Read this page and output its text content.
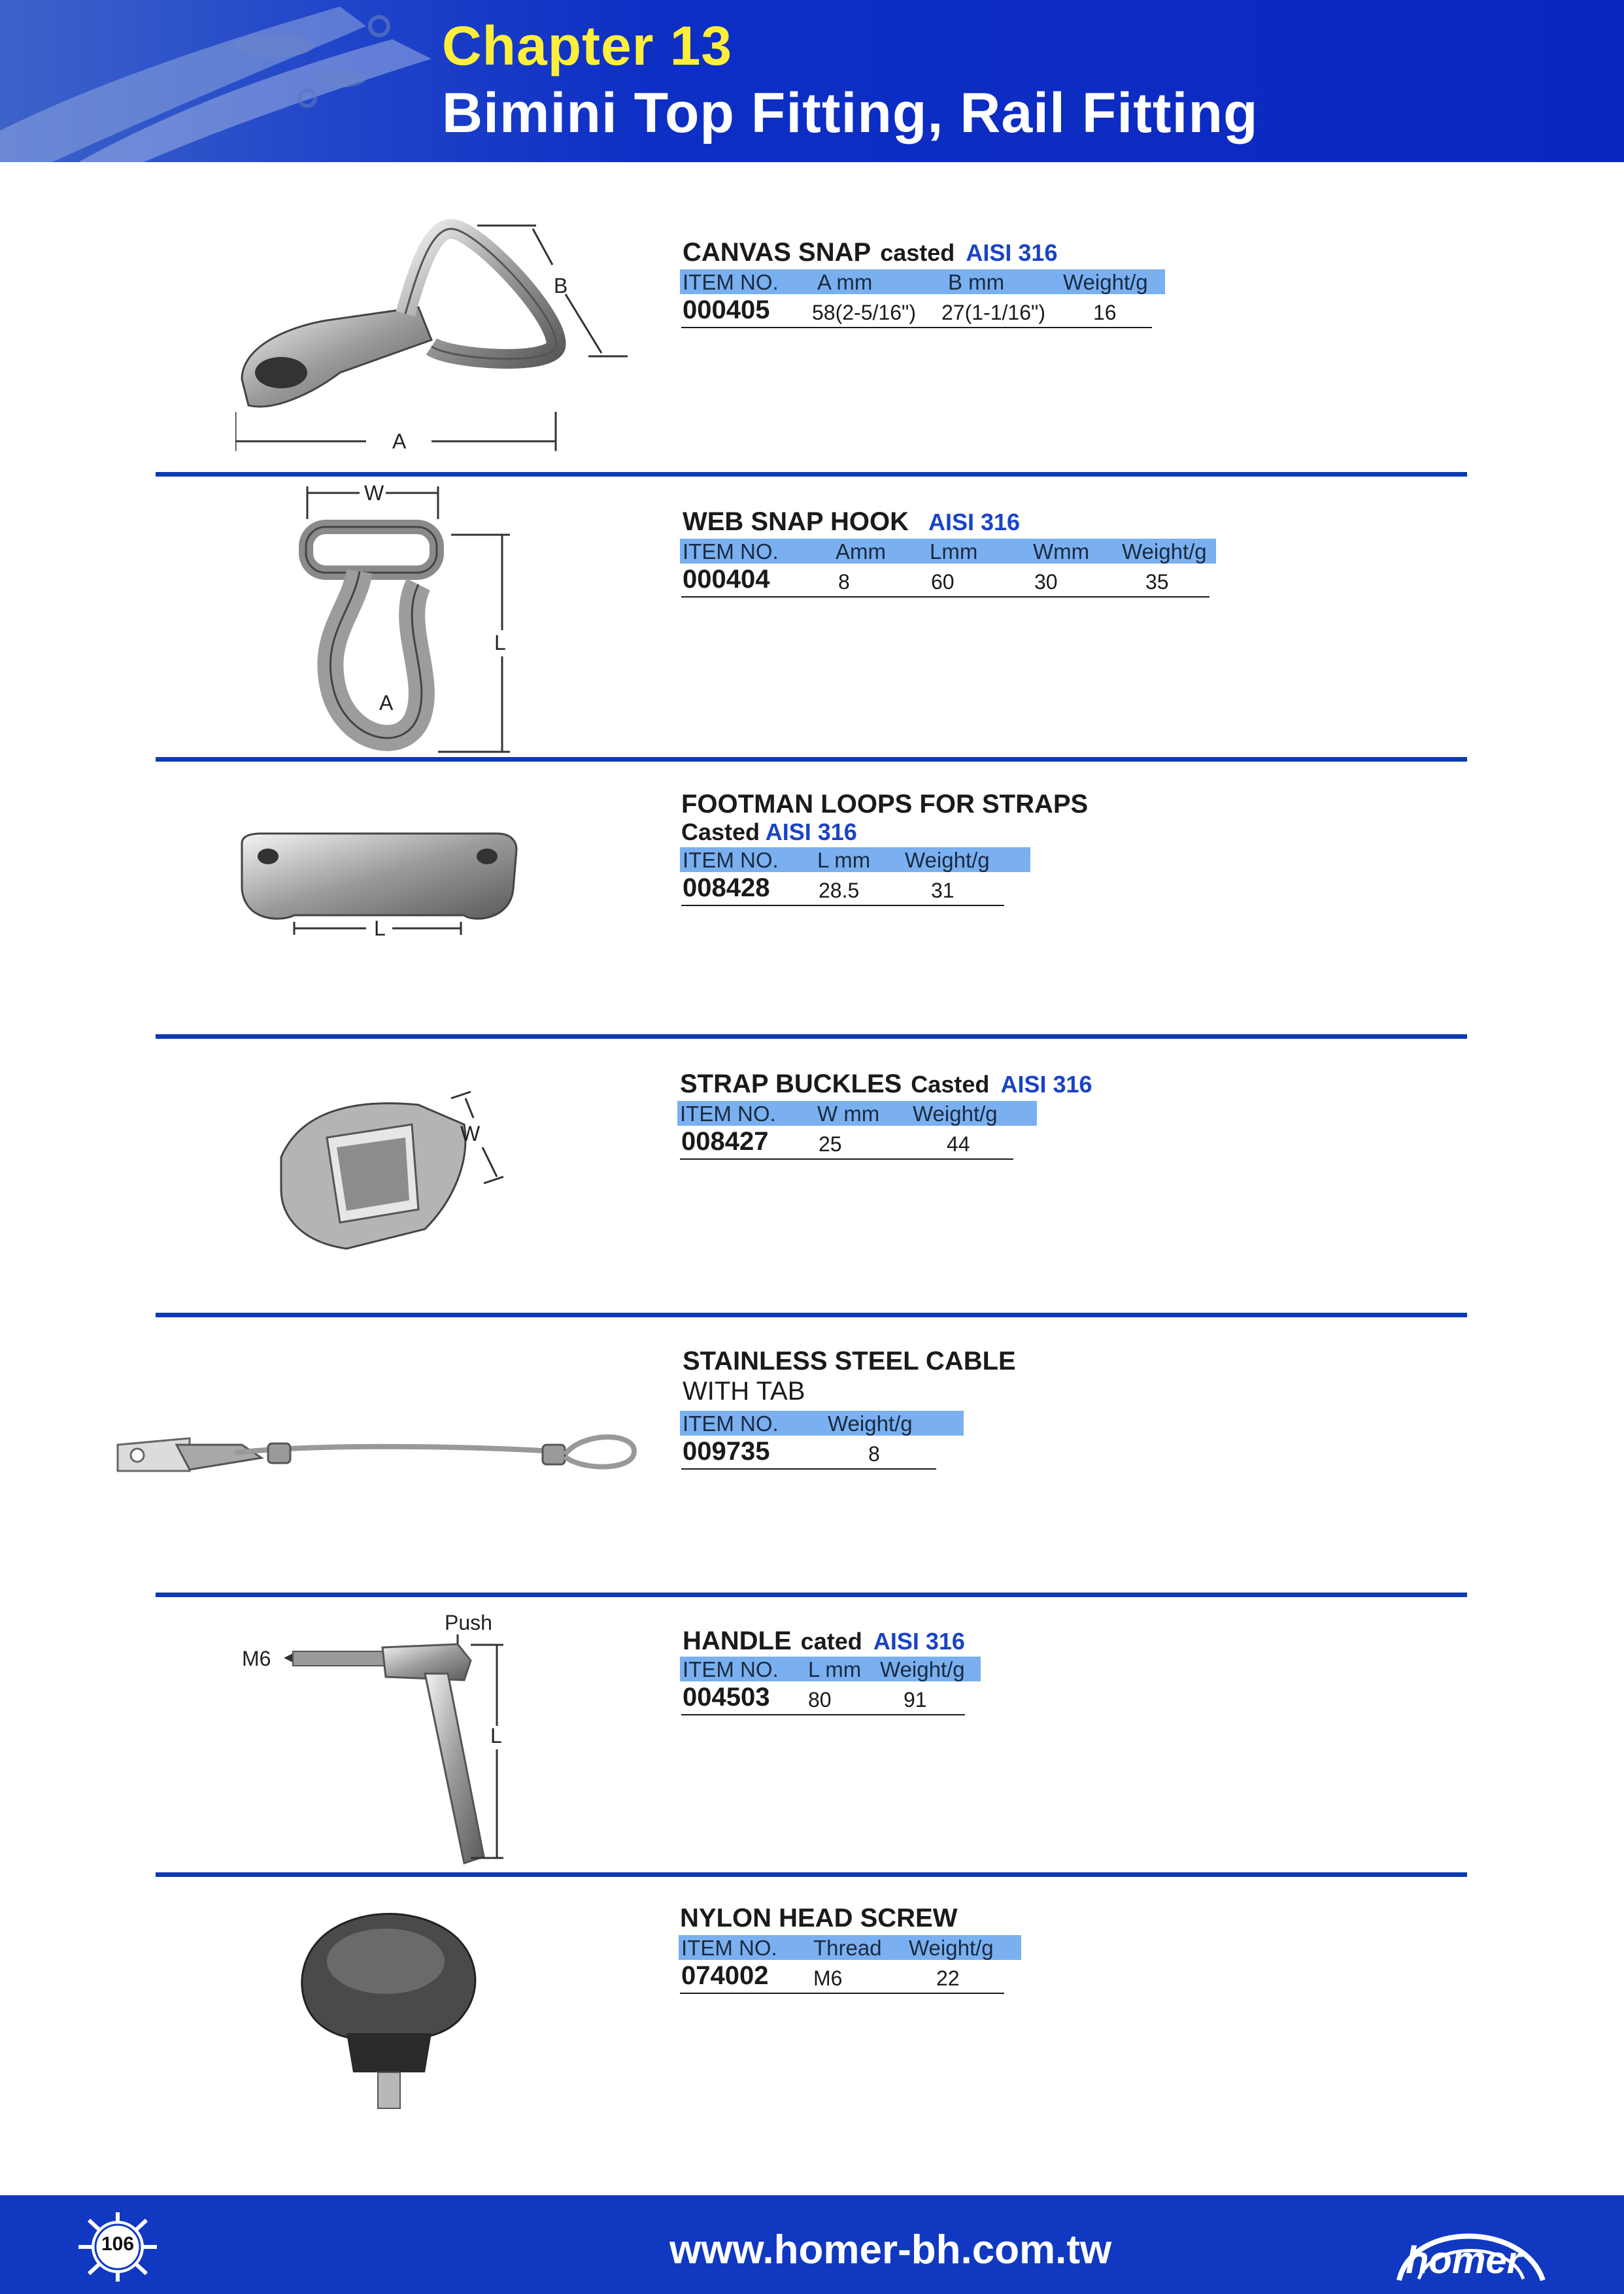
Chapter 13
Bimini Top Fitting, Rail Fitting
A
B
CANVAS SNAP casted AISI 316
ITEM NO. A mm	B mm	Weight/g
000405 58(2-5/16") 27(1-1/16") 16
W
L
A
WEB SNAP HOOK AISI 316
ITEM NO.	Amm Lmm	Wmm Weight/g
000404	8	60	30	35
L
FOOTMAN LOOPS FOR STRAPS
Casted AISI 316
ITEM NO. L mm Weight/g
008428 28.5	31
W
STRAP BUCKLES Casted AISI 316
ITEM NO. W mm Weight/g
008427 25	44
STAINLESS STEEL CABLE
WITH TAB
ITEM NO. Weight/g
009735	8
Push
M6
L
HANDLE cated AISI 316
ITEM NO. L mm Weight/g
004503 80	91
NYLON HEAD SCREW
ITEM NO. Thread Weight/g
074002 M6	22
106	www.homer-bh.com.tw	homer
